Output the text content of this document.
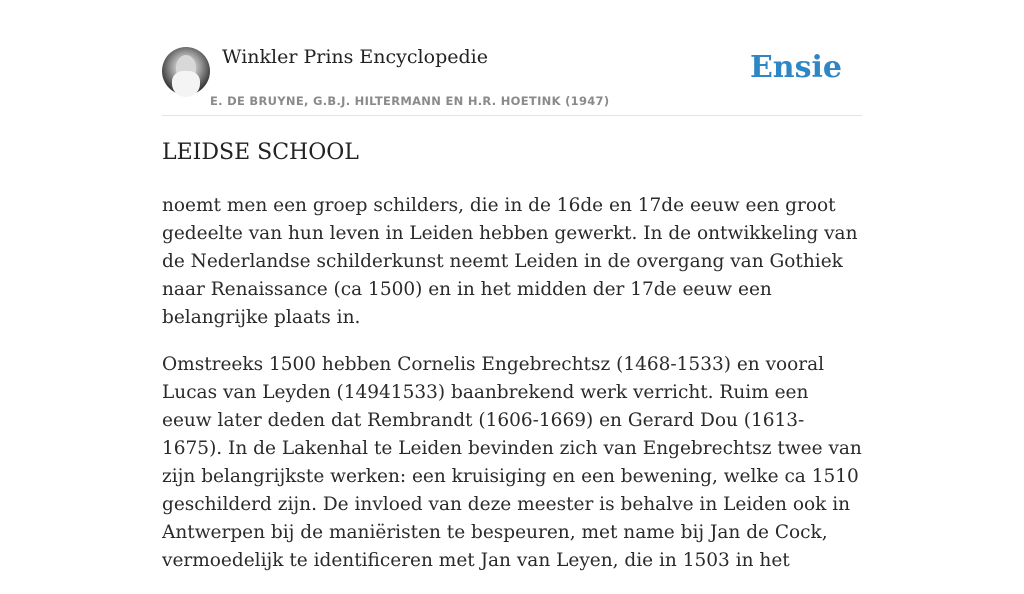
Winkler Prins Encyclopedie
E. DE BRUYNE, G.B.J. HILTERMANN EN H.R. HOETINK (1947)
Ensie
LEIDSE SCHOOL

noemt men een groep schilders, die in de 16de en 17de eeuw een groot gedeelte van hun leven in Leiden hebben gewerkt. In de ontwikkeling van de Nederlandse schilderkunst neemt Leiden in de overgang van Gothiek naar Renaissance (ca 1500) en in het midden der 17de eeuw een belangrijke plaats in.

Omstreeks 1500 hebben Cornelis Engebrechtsz (1468-1533) en vooral Lucas van Leyden (14941533) baanbrekend werk verricht. Ruim een eeuw later deden dat Rembrandt (1606-1669) en Gerard Dou (1613-1675). In de Lakenhal te Leiden bevinden zich van Engebrechtsz twee van zijn belangrijkste werken: een kruisiging en een bewening, welke ca 1510 geschilderd zijn. De invloed van deze meester is behalve in Leiden ook in Antwerpen bij de maniëristen te bespeuren, met name bij Jan de Cock, vermoedelijk te identificeren met Jan van Leyen, die in 1503 in het
